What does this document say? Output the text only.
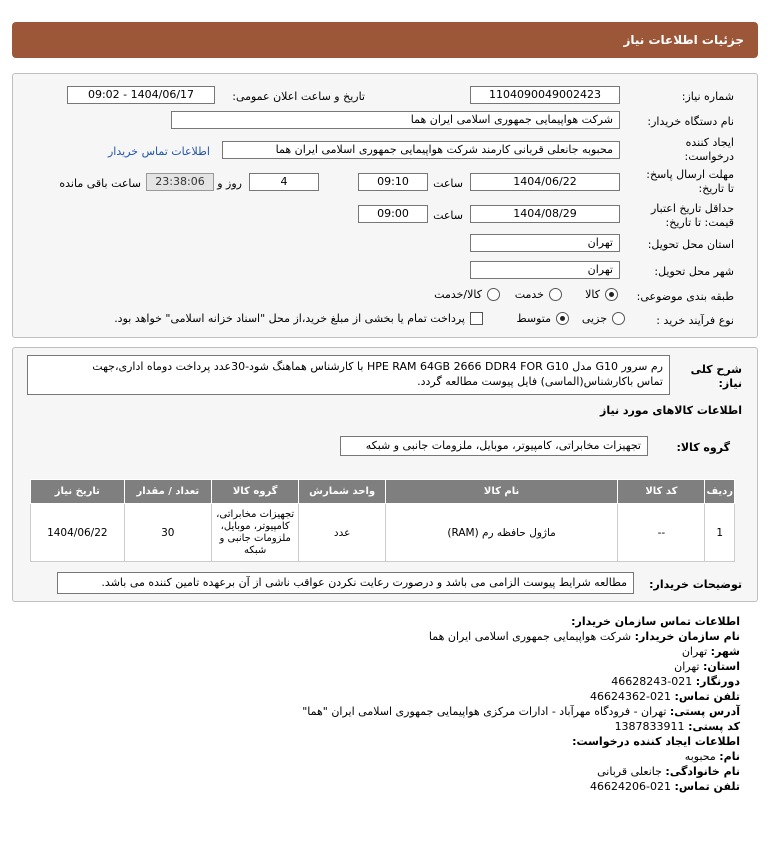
جزئیات اطلاعات نیاز
شماره نیاز:
1104090049002423
تاریخ و ساعت اعلان عمومی:
1404/06/17 - 09:02
نام دستگاه خریدار:
شرکت هواپیمایی جمهوری اسلامی ایران هما
ایجاد کننده
درخواست:
محبوبه جانعلی قربانی کارمند شرکت هواپیمایی جمهوری اسلامی ایران هما
اطلاعات تماس خریدار
مهلت ارسال پاسخ:
تا تاریخ:
1404/06/22
ساعت
09:10
4
روز و
23:38:06
ساعت باقی مانده
حداقل تاریخ اعتبار
قیمت: تا تاریخ:
1404/08/29
ساعت
09:00
استان محل تحویل:
تهران
شهر محل تحویل:
تهران
طبقه بندی موضوعی:
کالا
خدمت
کالا/خدمت
نوع فرآیند خرید :
جزیی
متوسط
پرداخت تمام یا بخشی از مبلغ خرید،از محل "اسناد خزانه اسلامی" خواهد بود.
شرح کلی
نیاز:
رم سرور G10 مدل HPE RAM 64GB 2666 DDR4 FOR G10 با کارشناس هماهنگ شود-30عدد پرداخت دوماه اداری،جهت
تماس باکارشناس(الماسی) فایل پیوست مطالعه گردد.
اطلاعات کالاهای مورد نیاز
گروه کالا:
تجهیزات مخابراتی، کامپیوتر، موبایل، ملزومات جانبی و شبکه
ردیف	کد کالا	نام کالا	واحد شمارش	گروه کالا	تعداد / مقدار	تاریخ نیاز
1	--	ماژول حافظه رم (RAM)	عدد	تجهیزات مخابراتی، کامپیوتر، موبایل، ملزومات جانبی و شبکه	30	1404/06/22
توضیحات خریدار:
مطالعه شرایط پیوست الزامی می باشد و درصورت رعایت نکردن عواقب ناشی از آن برعهده تامین کننده می باشد.
اطلاعات تماس سازمان خریدار:
نام سازمان خریدار: شرکت هواپیمایی جمهوری اسلامی ایران هما
شهر: تهران
استان: تهران
دورنگار: 021-46628243
تلفن تماس: 021-46624362
آدرس پستی: تهران - فرودگاه مهرآباد - ادارات مرکزی هواپیمایی جمهوری اسلامی ایران "هما"
کد پستی: 1387833911
اطلاعات ایجاد کننده درخواست:
نام: محبوبه
نام خانوادگی: جانعلی قربانی
تلفن تماس: 021-46624206
